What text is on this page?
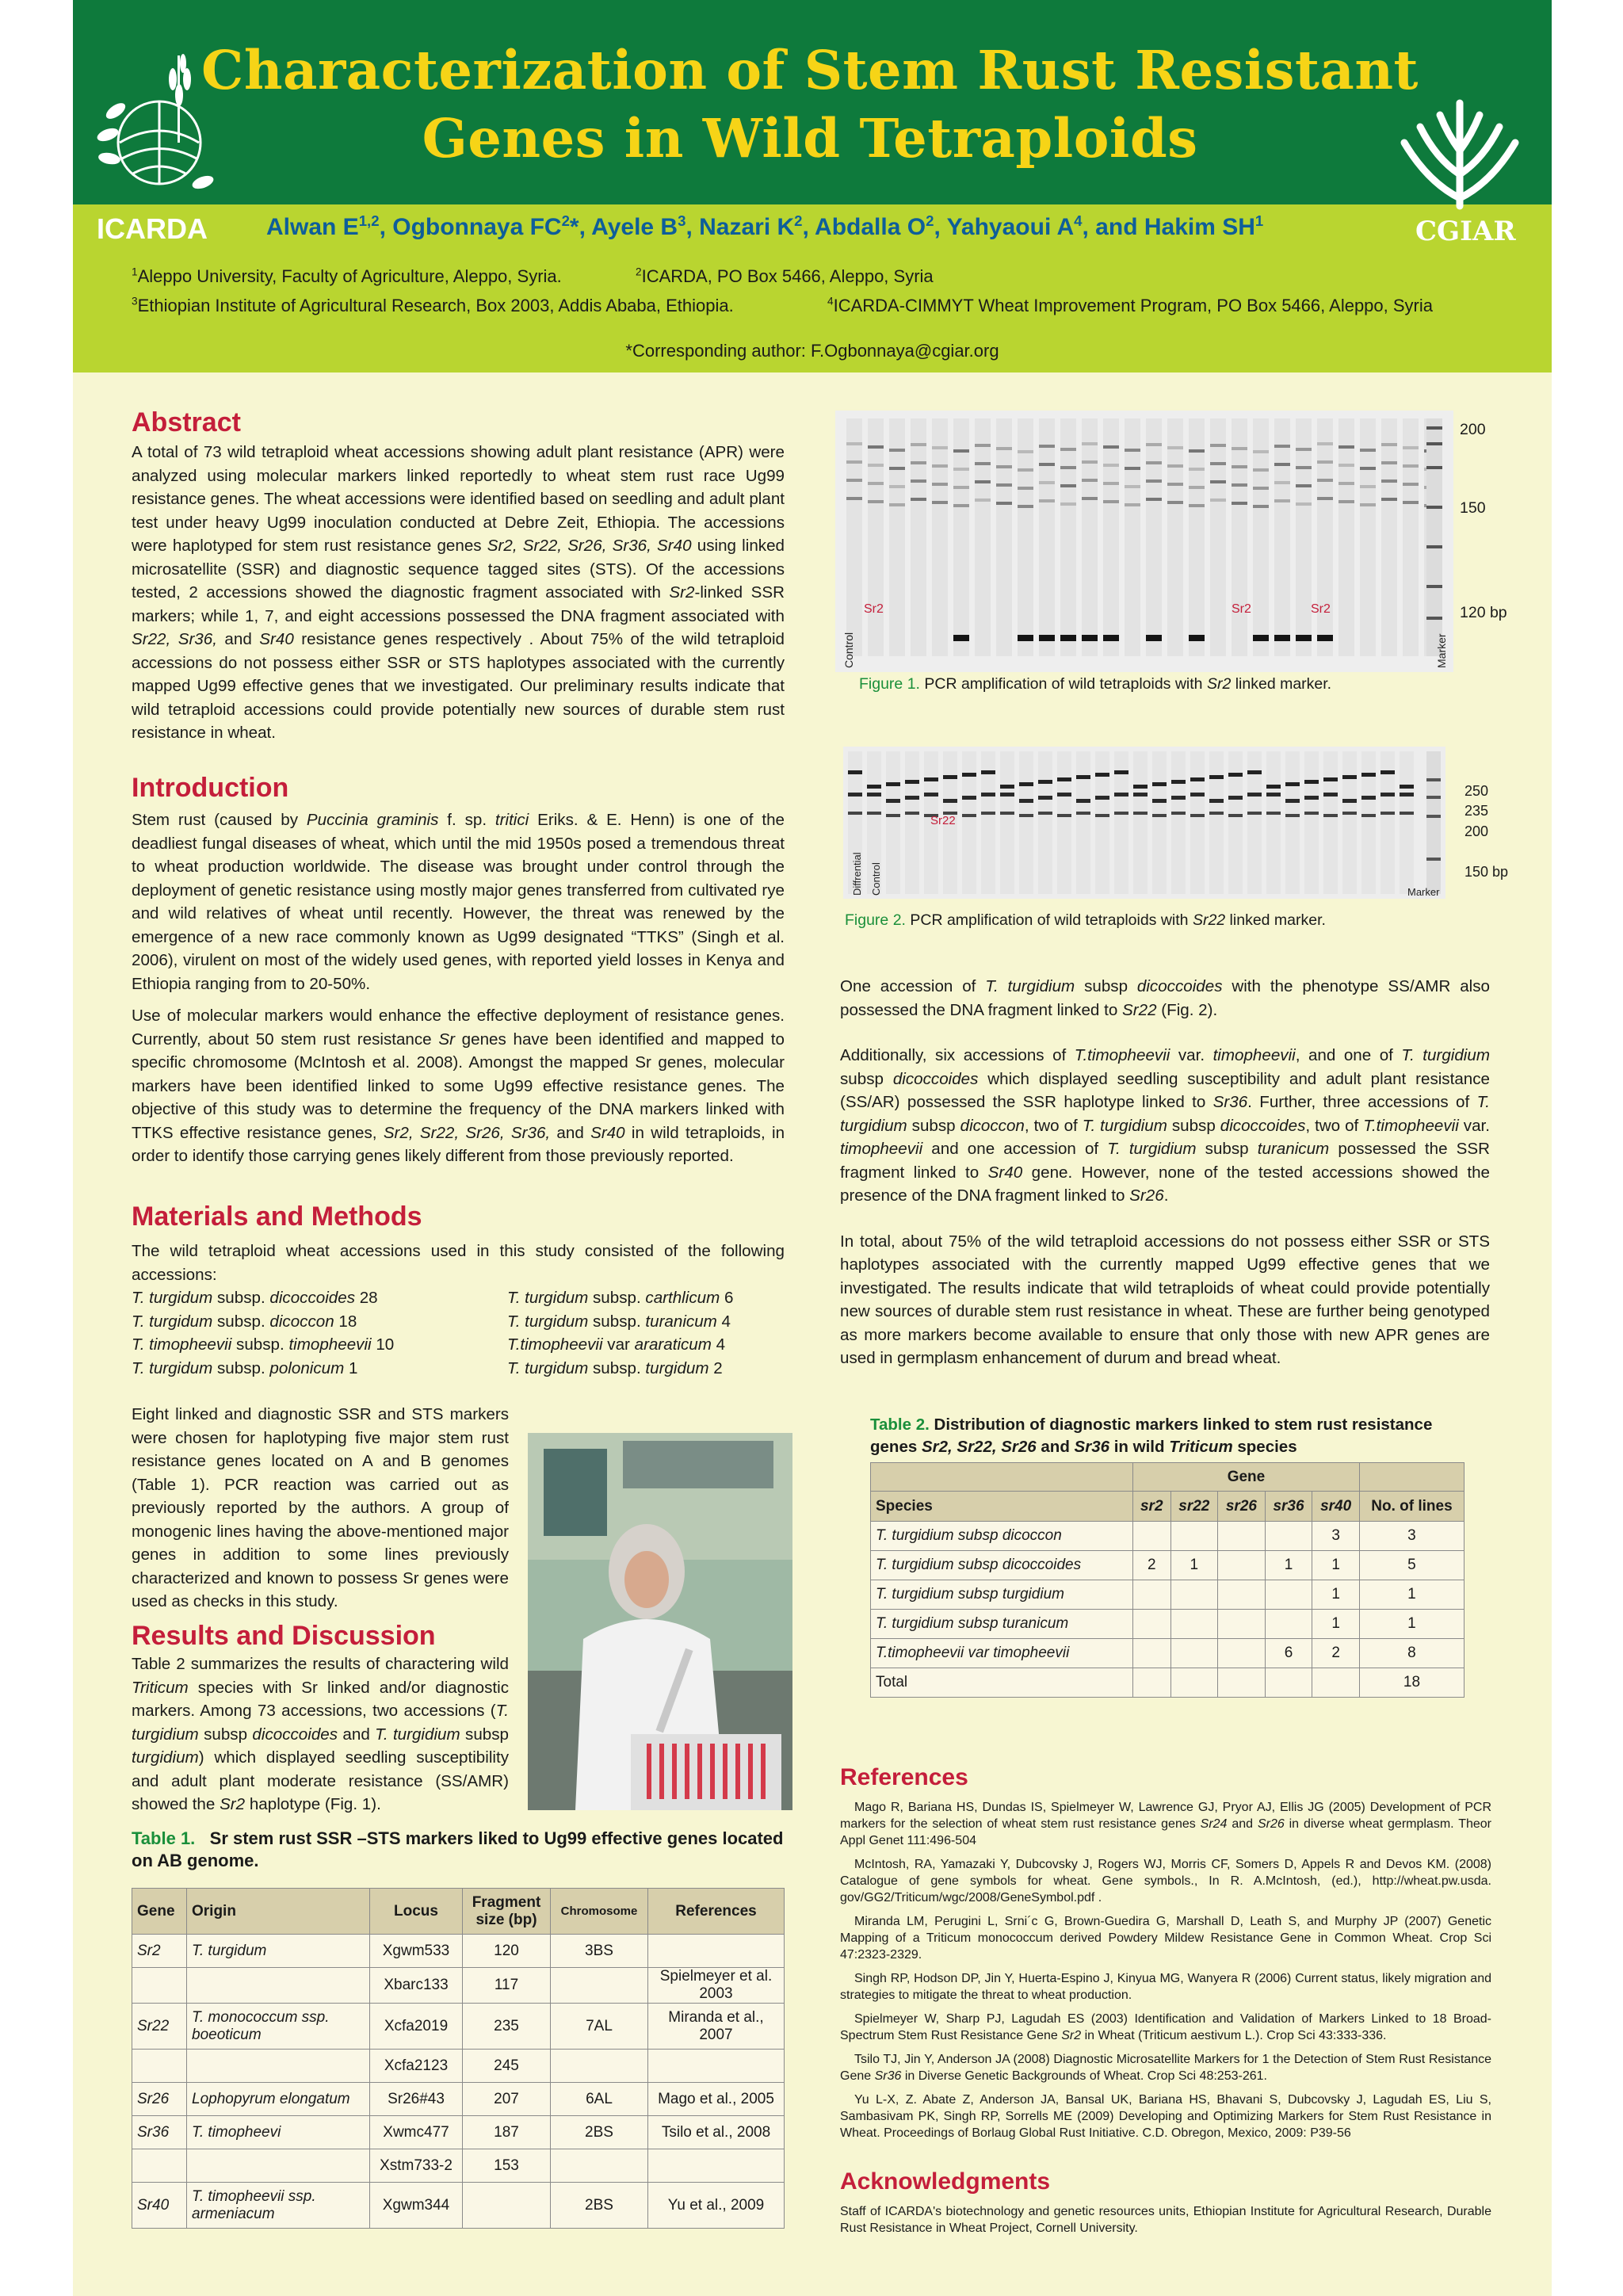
ICARDA	CGIAR
Characterization of Stem Rust Resistant
Genes in Wild Tetraploids
Alwan E$^{1,2}$, Ogbonnaya $FC^2*$, Ayele $B^3$, Nazari $K^2$, Abdalla $O^2$, Yahyaoui $A^4$, and Hakim $SH^1$
$^1$Aleppo University, Faculty of Agriculture, Aleppo, Syria.	$^2$ICARDA, PO Box 5466, Aleppo, Syria
$^3$Ethiopian Institute of Agricultural Research, Box 2003, Addis Ababa, Ethiopia.	$^4$ICARDA-CIMMYT Wheat Improvement Program, PO Box 5466, Aleppo, Syria
*Corresponding author: F.Ogbonnaya@cgiar.org
Abstract
A total of 73 wild tetraploid wheat accessions showing adult plant resistance (APR) were analyzed using molecular markers linked reportedly to wheat stem rust race Ug99 resistance genes. The wheat accessions were identified based on seedling and adult plant test under heavy Ug99 inoculation conducted at Debre Zeit, Ethiopia. The accessions were haplotyped for stem rust resistance genes Sr2, Sr22, Sr26, Sr36, Sr40 using linked microsatellite (SSR) and diagnostic sequence tagged sites (STS). Of the accessions tested, 2 accessions showed the diagnostic fragment associated with Sr2-linked SSR markers; while 1, 7, and eight accessions possessed the DNA fragment associated with Sr22, Sr36, and Sr40 resistance genes respectively . About 75% of the wild tetraploid accessions do not possess either SSR or STS haplotypes associated with the currently mapped Ug99 effective genes that we investigated. Our preliminary results indicate that wild tetraploid accessions could provide potentially new sources of durable stem rust resistance in wheat.
Introduction

Stem rust (caused by Puccinia graminis f. sp. tritici Eriks. & E. Henn) is one of the deadliest fungal diseases of wheat, which until the mid 1950s posed a tremendous threat to wheat production worldwide. The disease was brought under control through the deployment of genetic resistance using mostly major genes transferred from cultivated rye and wild relatives of wheat until recently. However, the threat was renewed by the emergence of a new race commonly known as Ug99 designated “TTKS” (Singh et al. 2006), virulent on most of the widely used genes, with reported yield losses in Kenya and Ethiopia ranging from to 20-50%.

Use of molecular markers would enhance the effective deployment of resistance genes. Currently, about 50 stem rust resistance Sr genes have been identified and mapped to specific chromosome (McIntosh et al. 2008). Amongst the mapped Sr genes, molecular markers have been identified linked to some Ug99 effective resistance genes. The objective of this study was to determine the frequency of the DNA markers linked with TTKS effective resistance genes, Sr2, Sr22, Sr26, Sr36, and Sr40 in wild tetraploids, in order to identify those carrying genes likely different from those previously reported.

Materials and Methods
The wild tetraploid wheat accessions used in this study consisted of the following accessions:
T. turgidum subsp. dicoccoides 28
T. turgidum subsp. dicoccon 18
T. timopheevii subsp. timopheevii 10
T. turgidum subsp. polonicum 1
T. turgidum subsp. carthlicum 6
T. turgidum subsp. turanicum 4
T.timopheevii var araraticum 4
T. turgidum subsp. turgidum 2
Eight linked and diagnostic SSR and STS markers were chosen for haplotyping five major stem rust resistance genes located on A and B genomes (Table 1). PCR reaction was carried out as previously reported by the authors. A group of monogenic lines having the above-mentioned major genes in addition to some lines previously characterized and known to possess Sr genes were used as checks in this study.
Results and Discussion
Table 2 summarizes the results of charactering wild Triticum species with Sr linked and/or diagnostic markers. Among 73 accessions, two accessions (T. turgidium subsp dicoccoides and T. turgidium subsp turgidium) which displayed seedling susceptibility and adult plant moderate resistance (SS/AMR) showed the Sr2 haplotype (Fig. 1).
Table 1. Sr stem rust SSR –STS markers liked to Ug99 effective genes located on AB genome.
Gene	Origin	Locus	Fragment size (bp)	Chromosome	References
Sr2	T. turgidum	Xgwm533	120	3BS	
		Xbarc133	117		Spielmeyer et al. 2003
Sr22	T. monococcum ssp. boeoticum	Xcfa2019	235	7AL	Miranda et al., 2007
		Xcfa2123	245		
Sr26	Lophopyrum elongatum	Sr26#43	207	6AL	Mago et al., 2005
Sr36	T. timopheevi	Xwmc477	187	2BS	Tsilo et al., 2008
		Xstm733-2	153		
Sr40	T. timopheevii ssp. armeniacum	Xgwm344		2BS	Yu et al., 2009
Sr2	Sr2	Sr2
Control	Marker
200
150
120 bp
Figure 1. PCR amplification of wild tetraploids with Sr2 linked marker.
Sr22
Diffrential Control	Marker
250
235
200
150 bp
Figure 2. PCR amplification of wild tetraploids with Sr22 linked marker.

One accession of T. turgidium subsp dicoccoides with the phenotype SS/AMR also possessed the DNA fragment linked to Sr22 (Fig. 2).

Additionally, six accessions of T.timopheevii var. timopheevii, and one of T. turgidium subsp dicoccoides which displayed seedling susceptibility and adult plant resistance (SS/AR) possessed the SSR haplotype linked to Sr36. Further, three accessions of T. turgidium subsp dicoccon, two of T. turgidium subsp dicoccoides, two of T.timopheevii var. timopheevii and one accession of T. turgidium subsp turanicum possessed the SSR fragment linked to Sr40 gene. However, none of the tested accessions showed the presence of the DNA fragment linked to Sr26.

In total, about 75% of the wild tetraploid accessions do not possess either SSR or STS haplotypes associated with the currently mapped Ug99 effective genes that we investigated. The results indicate that wild tetraploids of wheat could provide potentially new sources of durable stem rust resistance in wheat. These are further being genotyped as more markers become available to ensure that only those with new APR genes are used in germplasm enhancement of durum and bread wheat.

Table 2. Distribution of diagnostic markers linked to stem rust resistance genes Sr2, Sr22, Sr26 and Sr36 in wild Triticum species
	Gene					
Species	sr2	sr22	sr26	sr36	sr40	No. of lines
T. turgidium subsp dicoccon					3	3
T. turgidium subsp dicoccoides	2	1		1	1	5
T. turgidium subsp turgidium					1	1
T. turgidium subsp turanicum					1	1
T.timopheevii var timopheevii				6	2	8
Total						18
References

Mago R, Bariana HS, Dundas IS, Spielmeyer W, Lawrence GJ, Pryor AJ, Ellis JG (2005) Development of PCR markers for the selection of wheat stem rust resistance genes Sr24 and Sr26 in diverse wheat germplasm. Theor Appl Genet 111:496-504

McIntosh, RA, Yamazaki Y, Dubcovsky J, Rogers WJ, Morris CF, Somers D, Appels R and Devos KM. (2008) Catalogue of gene symbols for wheat. Gene symbols., In R. A.McIntosh, (ed.), http://wheat.pw.usda. gov/GG2/Triticum/wgc/2008/GeneSymbol.pdf .

Miranda LM, Perugini L, Srni´c G, Brown-Guedira G, Marshall D, Leath S, and Murphy JP (2007) Genetic Mapping of a Triticum monococcum derived Powdery Mildew Resistance Gene in Common Wheat. Crop Sci 47:2323-2329.

Singh RP, Hodson DP, Jin Y, Huerta-Espino J, Kinyua MG, Wanyera R (2006) Current status, likely migration and strategies to mitigate the threat to wheat production.

Spielmeyer W, Sharp PJ, Lagudah ES (2003) Identification and Validation of Markers Linked to 18 Broad-Spectrum Stem Rust Resistance Gene Sr2 in Wheat (Triticum aestivum L.). Crop Sci 43:333-336.

Tsilo TJ, Jin Y, Anderson JA (2008) Diagnostic Microsatellite Markers for 1 the Detection of Stem Rust Resistance Gene Sr36 in Diverse Genetic Backgrounds of Wheat. Crop Sci 48:253-261.

Yu L-X, Z. Abate Z, Anderson JA, Bansal UK, Bariana HS, Bhavani S, Dubcovsky J, Lagudah ES, Liu S, Sambasivam PK, Singh RP, Sorrells ME (2009) Developing and Optimizing Markers for Stem Rust Resistance in Wheat. Proceedings of Borlaug Global Rust Initiative. C.D. Obregon, Mexico, 2009: P39-56

Acknowledgments
Staff of ICARDA's biotechnology and genetic resources units, Ethiopian Institute for Agricultural Research, Durable Rust Resistance in Wheat Project, Cornell University.
